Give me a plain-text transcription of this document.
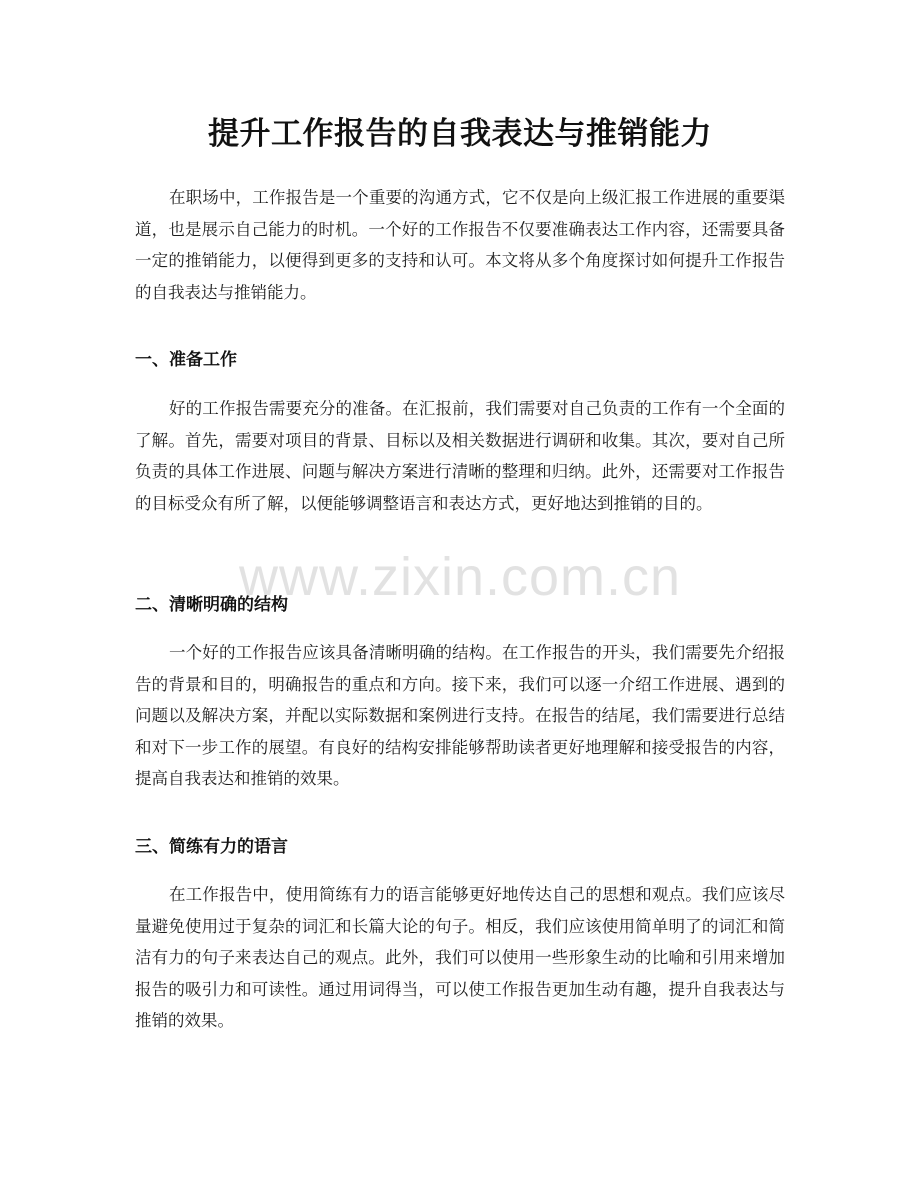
提升工作报告的自我表达与推销能力
在职场中，工作报告是一个重要的沟通方式，它不仅是向上级汇报工作进展的重要渠道，也是展示自己能力的时机。一个好的工作报告不仅要准确表达工作内容，还需要具备一定的推销能力，以便得到更多的支持和认可。本文将从多个角度探讨如何提升工作报告的自我表达与推销能力。
一、准备工作
好的工作报告需要充分的准备。在汇报前，我们需要对自己负责的工作有一个全面的了解。首先，需要对项目的背景、目标以及相关数据进行调研和收集。其次，要对自己所负责的具体工作进展、问题与解决方案进行清晰的整理和归纳。此外，还需要对工作报告的目标受众有所了解，以便能够调整语言和表达方式，更好地达到推销的目的。
二、清晰明确的结构
一个好的工作报告应该具备清晰明确的结构。在工作报告的开头，我们需要先介绍报告的背景和目的，明确报告的重点和方向。接下来，我们可以逐一介绍工作进展、遇到的问题以及解决方案，并配以实际数据和案例进行支持。在报告的结尾，我们需要进行总结和对下一步工作的展望。有良好的结构安排能够帮助读者更好地理解和接受报告的内容，提高自我表达和推销的效果。
三、简练有力的语言
在工作报告中，使用简练有力的语言能够更好地传达自己的思想和观点。我们应该尽量避免使用过于复杂的词汇和长篇大论的句子。相反，我们应该使用简单明了的词汇和简洁有力的句子来表达自己的观点。此外，我们可以使用一些形象生动的比喻和引用来增加报告的吸引力和可读性。通过用词得当，可以使工作报告更加生动有趣，提升自我表达与推销的效果。
www.zixin.com.cn
